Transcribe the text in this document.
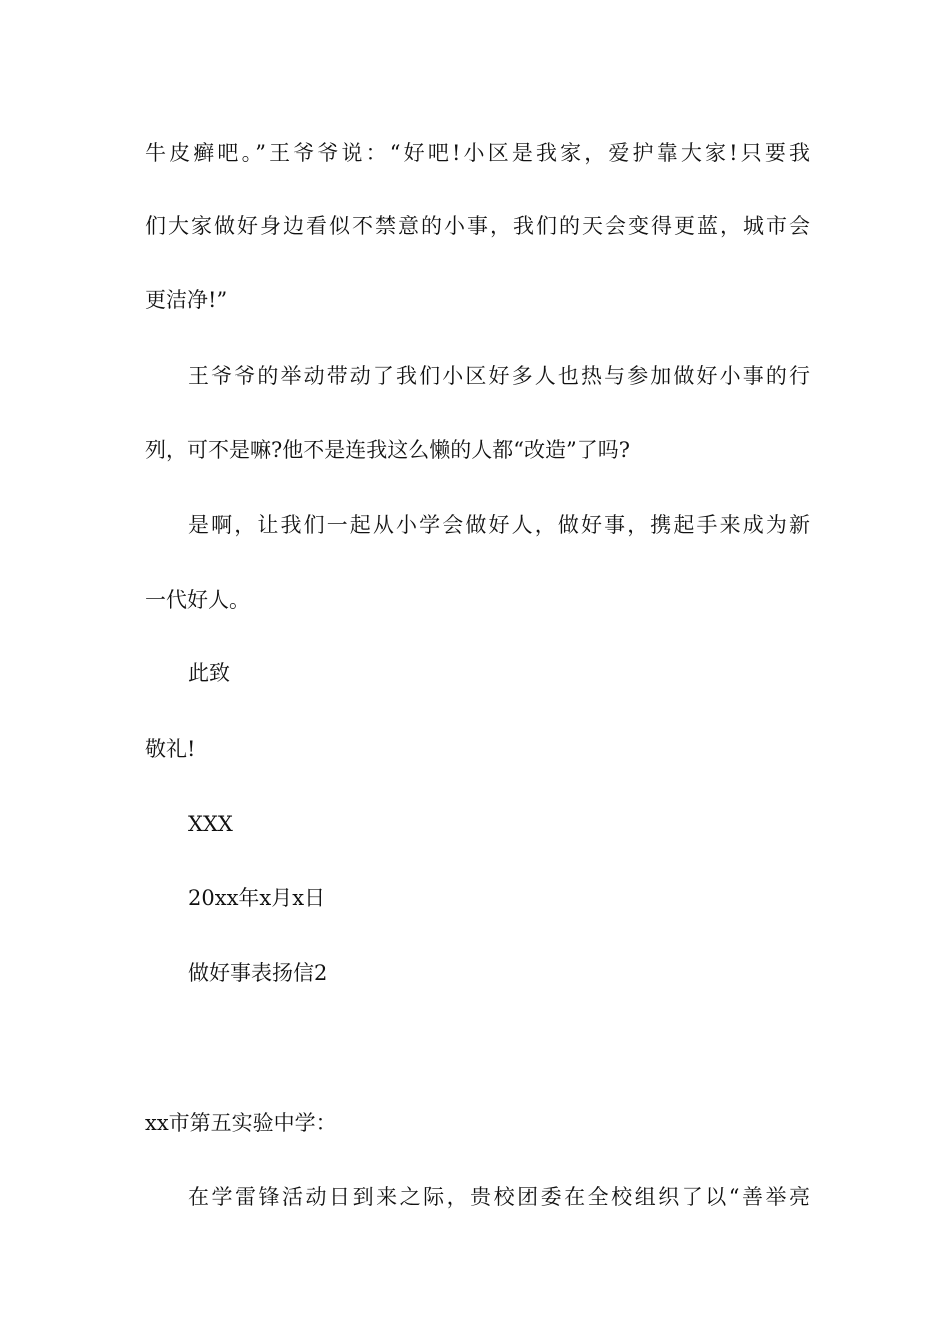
牛皮癣吧。”王爷爷说：“好吧!小区是我家，爱护靠大家!只要我
们大家做好身边看似不禁意的小事，我们的天会变得更蓝，城市会
更洁净!”
王爷爷的举动带动了我们小区好多人也热与参加做好小事的行
列，可不是嘛?他不是连我这么懒的人都“改造”了吗?
是啊，让我们一起从小学会做好人，做好事，携起手来成为新
一代好人。
此致
敬礼!
XXX
20xx年x月x日
做好事表扬信2
xx市第五实验中学：
在学雷锋活动日到来之际，贵校团委在全校组织了以“善举亮
